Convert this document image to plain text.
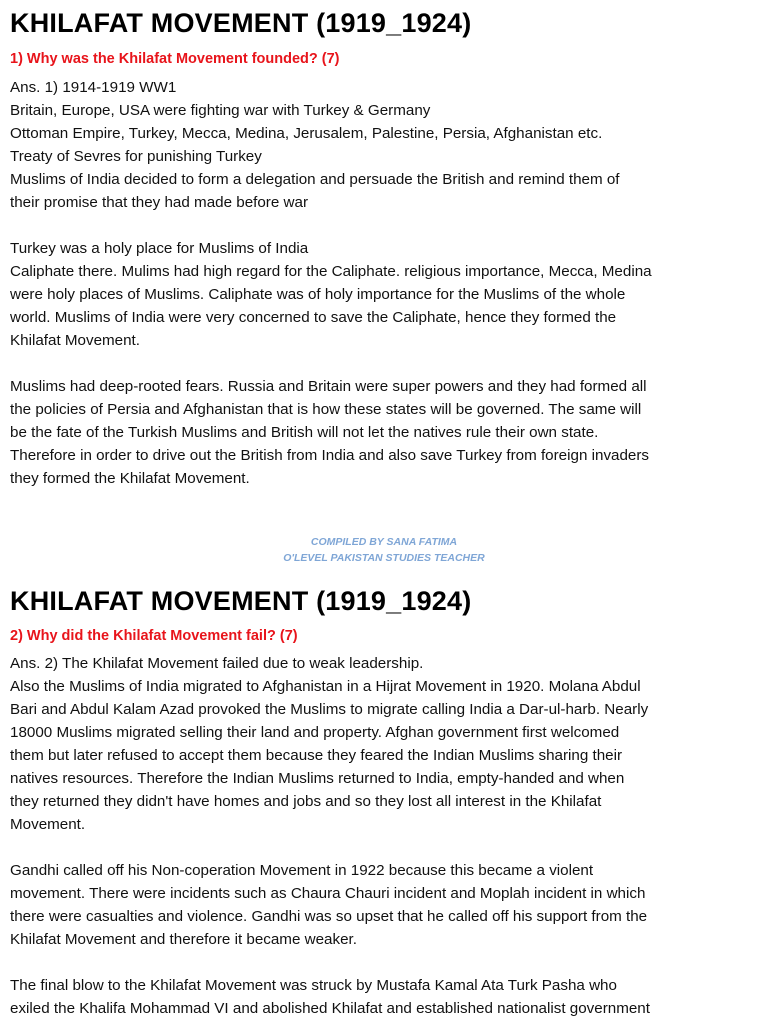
KHILAFAT MOVEMENT (1919_1924)
1) Why was the Khilafat Movement founded? (7)
Ans. 1) 1914-1919 WW1
Britain, Europe, USA were fighting war with Turkey & Germany
Ottoman Empire, Turkey, Mecca, Medina, Jerusalem, Palestine, Persia, Afghanistan etc.
Treaty of Sevres for punishing Turkey
Muslims of India decided to form a delegation and persuade the British and remind them of
their promise that they had made before war
Turkey was a holy place for Muslims of India
Caliphate there. Mulims had high regard for the Caliphate. religious importance, Mecca, Medina
were holy places of Muslims. Caliphate was of holy importance for the Muslims of the whole
world. Muslims of India were very concerned to save the Caliphate, hence they formed the
Khilafat Movement.
Muslims had deep-rooted fears. Russia and Britain were super powers and they had formed all
the policies of Persia and Afghanistan that is how these states will be governed. The same will
be the fate of the Turkish Muslims and British will not let the natives rule their own state.
Therefore in order to drive out the British from India and also save Turkey from foreign invaders
they formed the Khilafat Movement.
COMPILED BY SANA FATIMA
O'LEVEL PAKISTAN STUDIES TEACHER
KHILAFAT MOVEMENT (1919_1924)
2) Why did the Khilafat Movement fail? (7)
Ans. 2) The Khilafat Movement failed due to weak leadership.
Also the Muslims of India migrated to Afghanistan in a Hijrat Movement in 1920. Molana Abdul
Bari and Abdul Kalam Azad provoked the Muslims to migrate calling India a Dar-ul-harb. Nearly
18000 Muslims migrated selling their land and property. Afghan government first welcomed
them but later refused to accept them because they feared the Indian Muslims sharing their
natives resources. Therefore the Indian Muslims returned to India, empty-handed and when
they returned they didn't have homes and jobs and so they lost all interest in the Khilafat
Movement.
Gandhi called off his Non-coperation Movement in 1922 because this became a violent
movement. There were incidents such as Chaura Chauri incident and Moplah incident in which
there were casualties and violence. Gandhi was so upset that he called off his support from the
Khilafat Movement and therefore it became weaker.
The final blow to the Khilafat Movement was struck by Mustafa Kamal Ata Turk Pasha who
exiled the Khalifa Mohammad VI and abolished Khilafat and established nationalist government
